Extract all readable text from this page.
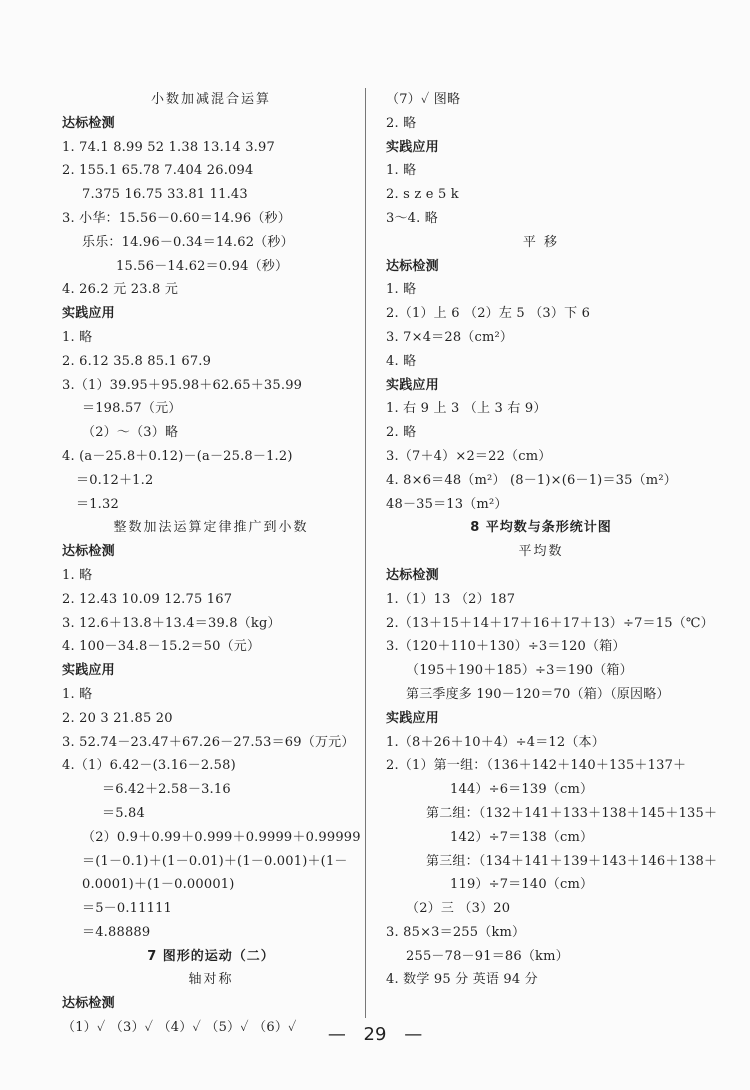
小数加减混合运算
达标检测
1. 74.1 8.99 52 1.38 13.14 3.97
2. 155.1 65.78 7.404 26.094
7.375 16.75 33.81 11.43
3. 小华：15.56－0.60＝14.96（秒）
乐乐：14.96－0.34＝14.62（秒）
15.56－14.62＝0.94（秒）
4. 26.2 元 23.8 元
实践应用
1. 略
2. 6.12 35.8 85.1 67.9
3.（1）39.95＋95.98＋62.65＋35.99
＝198.57（元）
（2）～（3）略
4. (a－25.8＋0.12)－(a－25.8－1.2)
＝0.12＋1.2
＝1.32
整数加法运算定律推广到小数
达标检测
1. 略
2. 12.43 10.09 12.75 167
3. 12.6＋13.8＋13.4＝39.8（kg）
4. 100－34.8－15.2＝50（元）
实践应用
1. 略
2. 20 3 21.85 20
3. 52.74－23.47＋67.26－27.53＝69（万元）
4.（1）6.42－(3.16－2.58)
＝6.42＋2.58－3.16
＝5.84
（2）0.9＋0.99＋0.999＋0.9999＋0.99999
＝(1－0.1)＋(1－0.01)＋(1－0.001)＋(1－
0.0001)＋(1－0.00001)
＝5－0.11111
＝4.88889
7 图形的运动（二）
轴对称
达标检测
（1）✓ （3）✓ （4）✓ （5）✓ （6）✓
（7）✓ 图略
2. 略
实践应用
1. 略
2. s z e 5 k
3～4. 略
平 移
达标检测
1. 略
2.（1）上 6 （2）左 5 （3）下 6
3. 7×4＝28（cm²）
4. 略
实践应用
1. 右 9 上 3 （上 3 右 9）
2. 略
3.（7＋4）×2＝22（cm）
4. 8×6＝48（m²） (8－1)×(6－1)＝35（m²）
48－35＝13（m²）
8 平均数与条形统计图
平均数
达标检测
1.（1）13 （2）187
2.（13＋15＋14＋17＋16＋17＋13）÷7＝15（℃）
3.（120＋110＋130）÷3＝120（箱）
（195＋190＋185）÷3＝190（箱）
第三季度多 190－120＝70（箱）（原因略）
实践应用
1.（8＋26＋10＋4）÷4＝12（本）
2.（1）第一组：（136＋142＋140＋135＋137＋
144）÷6＝139（cm）
第二组：（132＋141＋133＋138＋145＋135＋
142）÷7＝138（cm）
第三组：（134＋141＋139＋143＋146＋138＋
119）÷7＝140（cm）
（2）三 （3）20
3. 85×3＝255（km）
255－78－91＝86（km）
4. 数学 95 分 英语 94 分
— 29 —
